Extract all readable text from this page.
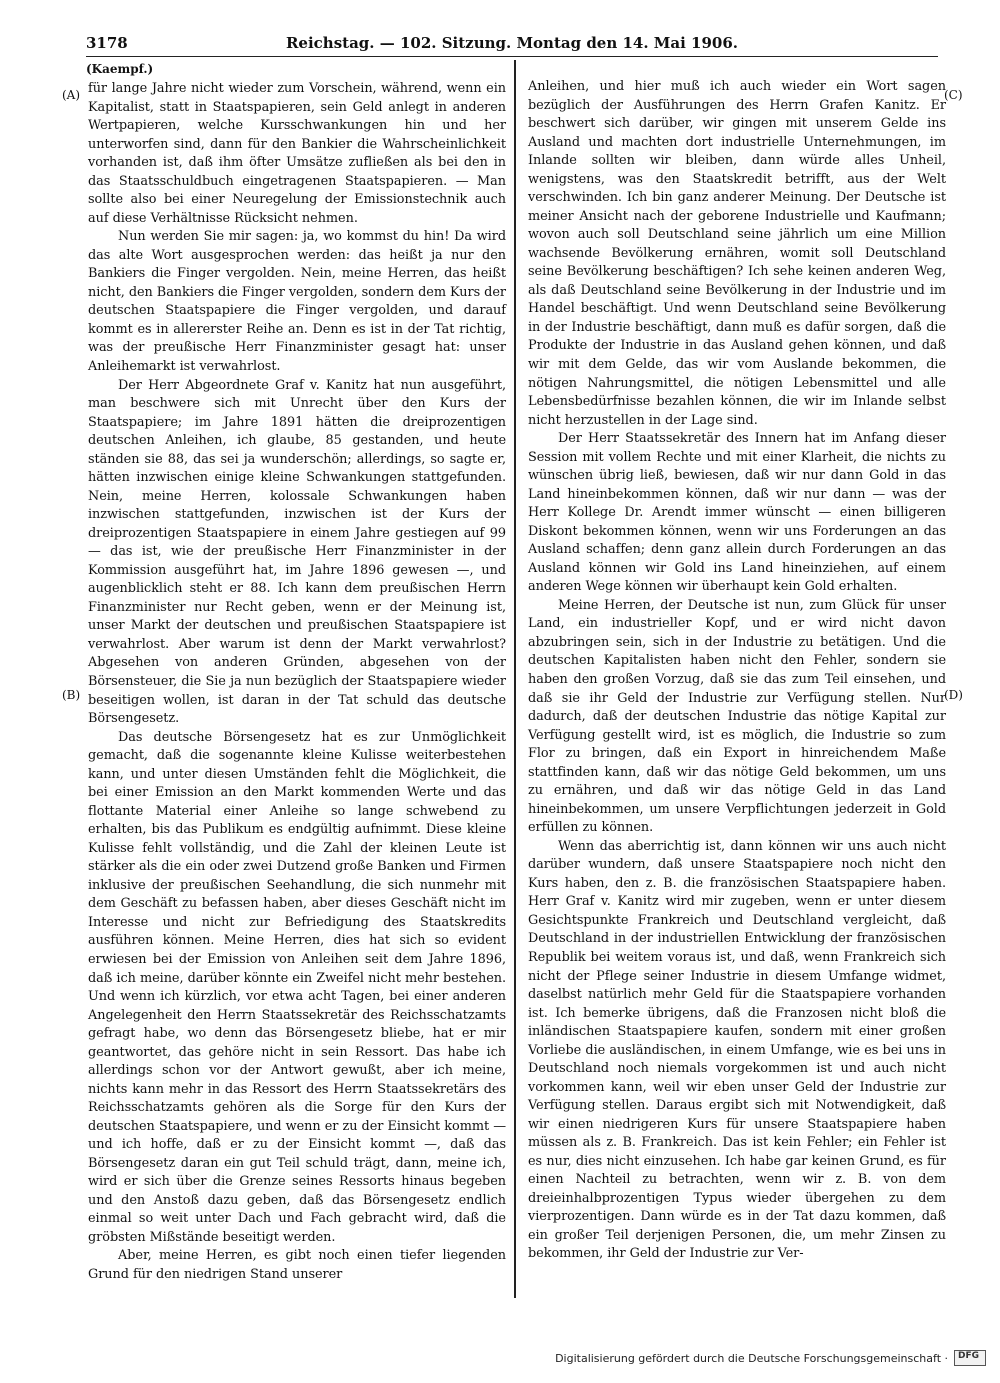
3178	Reichstag. — 102. Sitzung. Montag den 14. Mai 1906.
(Kaempf.)
(A)
(B)
(C)
(D)

für lange Jahre nicht wieder zum Vorschein, während, wenn ein Kapitalist, statt in Staatspapieren, sein Geld anlegt in anderen Wertpapieren, welche Kursschwankungen hin und her unterworfen sind, dann für den Bankier die Wahrscheinlichkeit vorhanden ist, daß ihm öfter Umsätze zufließen als bei den in das Staatsschuldbuch eingetragenen Staatspapieren. — Man sollte also bei einer Neuregelung der Emissionstechnik auch auf diese Verhältnisse Rücksicht nehmen.

Nun werden Sie mir sagen: ja, wo kommst du hin! Da wird das alte Wort ausgesprochen werden: das heißt ja nur den Bankiers die Finger vergolden. Nein, meine Herren, das heißt nicht, den Bankiers die Finger vergolden, sondern dem Kurs der deutschen Staatspapiere die Finger vergolden, und darauf kommt es in allererster Reihe an. Denn es ist in der Tat richtig, was der preußische Herr Finanzminister gesagt hat: unser Anleihemarkt ist verwahrlost.

Der Herr Abgeordnete Graf v. Kanitz hat nun ausgeführt, man beschwere sich mit Unrecht über den Kurs der Staatspapiere; im Jahre 1891 hätten die dreiprozentigen deutschen Anleihen, ich glaube, 85 gestanden, und heute ständen sie 88, das sei ja wunderschön; allerdings, so sagte er, hätten inzwischen einige kleine Schwankungen stattgefunden. Nein, meine Herren, kolossale Schwankungen haben inzwischen stattgefunden, inzwischen ist der Kurs der dreiprozentigen Staatspapiere in einem Jahre gestiegen auf 99 — das ist, wie der preußische Herr Finanzminister in der Kommission ausgeführt hat, im Jahre 1896 gewesen —, und augenblicklich steht er 88. Ich kann dem preußischen Herrn Finanzminister nur Recht geben, wenn er der Meinung ist, unser Markt der deutschen und preußischen Staatspapiere ist verwahrlost. Aber warum ist denn der Markt verwahrlost? Abgesehen von anderen Gründen, abgesehen von der Börsensteuer, die Sie ja nun bezüglich der Staatspapiere wieder beseitigen wollen, ist daran in der Tat schuld das deutsche Börsengesetz.

Das deutsche Börsengesetz hat es zur Unmöglichkeit gemacht, daß die sogenannte kleine Kulisse weiterbestehen kann, und unter diesen Umständen fehlt die Möglichkeit, die bei einer Emission an den Markt kommenden Werte und das flottante Material einer Anleihe so lange schwebend zu erhalten, bis das Publikum es endgültig aufnimmt. Diese kleine Kulisse fehlt vollständig, und die Zahl der kleinen Leute ist stärker als die ein oder zwei Dutzend große Banken und Firmen inklusive der preußischen Seehandlung, die sich nunmehr mit dem Geschäft zu befassen haben, aber dieses Geschäft nicht im Interesse und nicht zur Befriedigung des Staatskredits ausführen können. Meine Herren, dies hat sich so evident erwiesen bei der Emission von Anleihen seit dem Jahre 1896, daß ich meine, darüber könnte ein Zweifel nicht mehr bestehen. Und wenn ich kürzlich, vor etwa acht Tagen, bei einer anderen Angelegenheit den Herrn Staatssekretär des Reichsschatzamts gefragt habe, wo denn das Börsengesetz bliebe, hat er mir geantwortet, das gehöre nicht in sein Ressort. Das habe ich allerdings schon vor der Antwort gewußt, aber ich meine, nichts kann mehr in das Ressort des Herrn Staatssekretärs des Reichsschatzamts gehören als die Sorge für den Kurs der deutschen Staatspapiere, und wenn er zu der Einsicht kommt — und ich hoffe, daß er zu der Einsicht kommt —, daß das Börsengesetz daran ein gut Teil schuld trägt, dann, meine ich, wird er sich über die Grenze seines Ressorts hinaus begeben und den Anstoß dazu geben, daß das Börsengesetz endlich einmal so weit unter Dach und Fach gebracht wird, daß die gröbsten Mißstände beseitigt werden.

Aber, meine Herren, es gibt noch einen tiefer liegenden Grund für den niedrigen Stand unserer

Anleihen, und hier muß ich auch wieder ein Wort sagen bezüglich der Ausführungen des Herrn Grafen Kanitz. Er beschwert sich darüber, wir gingen mit unserem Gelde ins Ausland und machten dort industrielle Unternehmungen, im Inlande sollten wir bleiben, dann würde alles Unheil, wenigstens, was den Staatskredit betrifft, aus der Welt verschwinden. Ich bin ganz anderer Meinung. Der Deutsche ist meiner Ansicht nach der geborene Industrielle und Kaufmann; wovon auch soll Deutschland seine jährlich um eine Million wachsende Bevölkerung ernähren, womit soll Deutschland seine Bevölkerung beschäftigen? Ich sehe keinen anderen Weg, als daß Deutschland seine Bevölkerung in der Industrie und im Handel beschäftigt. Und wenn Deutschland seine Bevölkerung in der Industrie beschäftigt, dann muß es dafür sorgen, daß die Produkte der Industrie in das Ausland gehen können, und daß wir mit dem Gelde, das wir vom Auslande bekommen, die nötigen Nahrungsmittel, die nötigen Lebensmittel und alle Lebensbedürfnisse bezahlen können, die wir im Inlande selbst nicht herzustellen in der Lage sind.

Der Herr Staatssekretär des Innern hat im Anfang dieser Session mit vollem Rechte und mit einer Klarheit, die nichts zu wünschen übrig ließ, bewiesen, daß wir nur dann Gold in das Land hineinbekommen können, daß wir nur dann — was der Herr Kollege Dr. Arendt immer wünscht — einen billigeren Diskont bekommen können, wenn wir uns Forderungen an das Ausland schaffen; denn ganz allein durch Forderungen an das Ausland können wir Gold ins Land hineinziehen, auf einem anderen Wege können wir überhaupt kein Gold erhalten.

Meine Herren, der Deutsche ist nun, zum Glück für unser Land, ein industrieller Kopf, und er wird nicht davon abzubringen sein, sich in der Industrie zu betätigen. Und die deutschen Kapitalisten haben nicht den Fehler, sondern sie haben den großen Vorzug, daß sie das zum Teil einsehen, und daß sie ihr Geld der Industrie zur Verfügung stellen. Nur dadurch, daß der deutschen Industrie das nötige Kapital zur Verfügung gestellt wird, ist es möglich, die Industrie so zum Flor zu bringen, daß ein Export in hinreichendem Maße stattfinden kann, daß wir das nötige Geld bekommen, um uns zu ernähren, und daß wir das nötige Geld in das Land hineinbekommen, um unsere Verpflichtungen jederzeit in Gold erfüllen zu können.

Wenn das aberrichtig ist, dann können wir uns auch nicht darüber wundern, daß unsere Staatspapiere noch nicht den Kurs haben, den z. B. die französischen Staatspapiere haben. Herr Graf v. Kanitz wird mir zugeben, wenn er unter diesem Gesichtspunkte Frankreich und Deutschland vergleicht, daß Deutschland in der industriellen Entwicklung der französischen Republik bei weitem voraus ist, und daß, wenn Frankreich sich nicht der Pflege seiner Industrie in diesem Umfange widmet, daselbst natürlich mehr Geld für die Staatspapiere vorhanden ist. Ich bemerke übrigens, daß die Franzosen nicht bloß die inländischen Staatspapiere kaufen, sondern mit einer großen Vorliebe die ausländischen, in einem Umfange, wie es bei uns in Deutschland noch niemals vorgekommen ist und auch nicht vorkommen kann, weil wir eben unser Geld der Industrie zur Verfügung stellen. Daraus ergibt sich mit Notwendigkeit, daß wir einen niedrigeren Kurs für unsere Staatspapiere haben müssen als z. B. Frankreich. Das ist kein Fehler; ein Fehler ist es nur, dies nicht einzusehen. Ich habe gar keinen Grund, es für einen Nachteil zu betrachten, wenn wir z. B. von dem dreieinhalbprozentigen Typus wieder übergehen zu dem vierprozentigen. Dann würde es in der Tat dazu kommen, daß ein großer Teil derjenigen Personen, die, um mehr Zinsen zu bekommen, ihr Geld der Industrie zur Ver-

Digitalisierung gefördert durch die Deutsche Forschungsgemeinschaft · DFG
